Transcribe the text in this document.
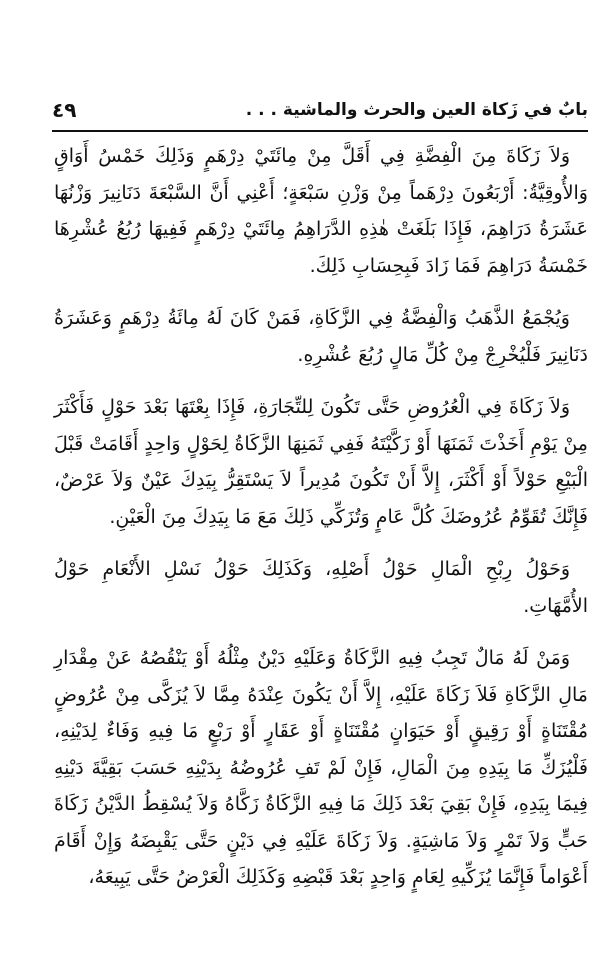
بابٌ في زَكاة العين والحرث والماشية . . .
٤٩

وَلاَ زَكَاةَ مِنَ الْفِضَّةِ فِي أَقَلَّ مِنْ مِائَتَيْ دِرْهَمٍ وَذَلِكَ خَمْسُ أَوَاقٍ وَالأُوقِيَّةُ: أَرْبَعُونَ دِرْهَماً مِنْ وَزْنِ سَبْعَةٍ؛ أَعْنِي أَنَّ السَّبْعَةَ دَنَانِيرَ وَزْنُهَا عَشَرَةُ دَرَاهِمَ، فَإِذَا بَلَغَتْ هٰذِهِ الدَّرَاهِمُ مِائَتَيْ دِرْهَمٍ فَفِيهَا رُبُعُ عُشْرِهَا خَمْسَةُ دَرَاهِمَ فَمَا زَادَ فَبِحِسَابِ ذَلِكَ.

وَيُجْمَعُ الذَّهَبُ وَالْفِضَّةُ فِي الزَّكَاةِ، فَمَنْ كَانَ لَهُ مِائَةُ دِرْهَمٍ وَعَشَرَةُ دَنَانِيرَ فَلْيُخْرِجْ مِنْ كُلِّ مَالٍ رُبُعَ عُشْرِهِ.

وَلاَ زَكَاةَ فِي الْعُرُوضِ حَتَّى تَكُونَ لِلتِّجَارَةِ، فَإِذَا بِعْتَهَا بَعْدَ حَوْلٍ فَأَكْثَرَ مِنْ يَوْمِ أَخَذْتَ ثَمَنَهَا أَوْ زَكَّيْتَهُ فَفِي ثَمَنِهَا الزَّكَاةُ لِحَوْلٍ وَاحِدٍ أَقَامَتْ قَبْلَ الْبَيْعِ حَوْلاً أَوْ أَكْثَرَ، إِلاَّ أَنْ تَكُونَ مُدِيراً لاَ يَسْتَقِرُّ بِيَدِكَ عَيْنٌ وَلاَ عَرْضٌ، فَإِنَّكَ تُقَوِّمُ عُرُوضَكَ كُلَّ عَامٍ وَتُزَكِّي ذَلِكَ مَعَ مَا بِيَدِكَ مِنَ الْعَيْنِ.

وَحَوْلُ رِبْحِ الْمَالِ حَوْلُ أَصْلِهِ، وَكَذَلِكَ حَوْلُ نَسْلِ الأَنْعَامِ حَوْلُ الأُمَّهَاتِ.

وَمَنْ لَهُ مَالٌ تَجِبُ فِيهِ الزَّكَاةُ وَعَلَيْهِ دَيْنٌ مِثْلُهُ أَوْ يَنْقُصُهُ عَنْ مِقْدَارِ مَالِ الزَّكَاةِ فَلاَ زَكَاةَ عَلَيْهِ، إِلاَّ أَنْ يَكُونَ عِنْدَهُ مِمَّا لاَ يُزَكَّى مِنْ عُرُوضٍ مُقْتَنَاةٍ أَوْ رَقِيقٍ أَوْ حَيَوَانٍ مُقْتَنَاةٍ أَوْ عَقَارٍ أَوْ رَبْعٍ مَا فِيهِ وَفَاءٌ لِدَيْنِهِ، فَلْيُزَكِّ مَا بِيَدِهِ مِنَ الْمَالِ، فَإِنْ لَمْ تَفِ عُرُوضُهُ بِدَيْنِهِ حَسَبَ بَقِيَّةَ دَيْنِهِ فِيمَا بِيَدِهِ، فَإِنْ بَقِيَ بَعْدَ ذَلِكَ مَا فِيهِ الزَّكَاةُ زَكَّاهُ وَلاَ يُسْقِطُ الدَّيْنُ زَكَاةَ حَبٍّ وَلاَ تَمْرٍ وَلاَ مَاشِيَةٍ. وَلاَ زَكَاةَ عَلَيْهِ فِي دَيْنٍ حَتَّى يَقْبِضَهُ وَإِنْ أَقَامَ أَعْوَاماً فَإِنَّمَا يُزَكِّيهِ لِعَامٍ وَاحِدٍ بَعْدَ قَبْضِهِ وَكَذَلِكَ الْعَرْضُ حَتَّى يَبِيعَهُ،
